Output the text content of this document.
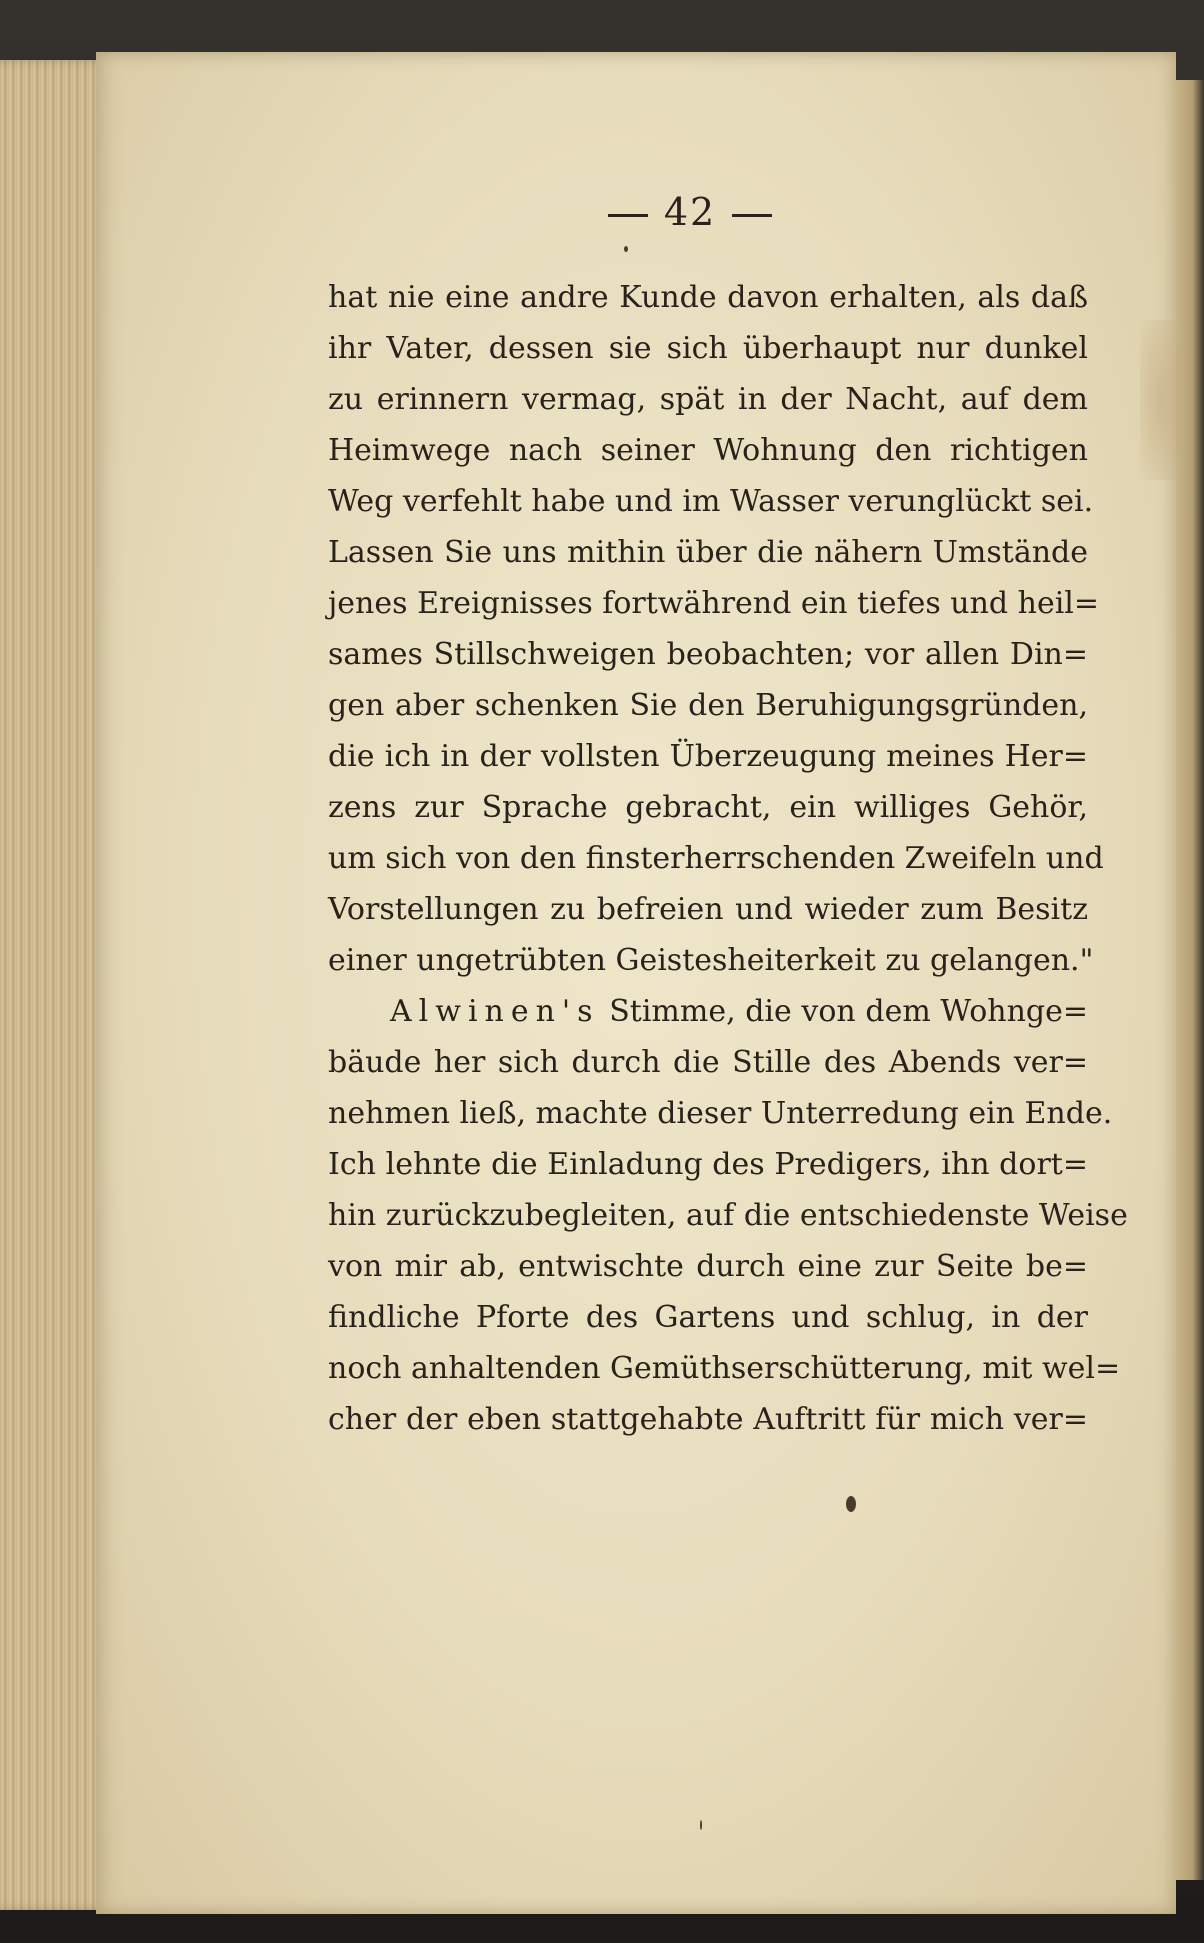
42
hat nie eine andre Kunde davon erhalten, als daß
ihr Vater, dessen sie sich überhaupt nur dunkel
zu erinnern vermag, spät in der Nacht, auf dem
Heimwege nach seiner Wohnung den richtigen
Weg verfehlt habe und im Wasser verunglückt sei.
Lassen Sie uns mithin über die nähern Umstände
jenes Ereignisses fortwährend ein tiefes und heil=
sames Stillschweigen beobachten; vor allen Din=
gen aber schenken Sie den Beruhigungsgründen,
die ich in der vollsten Überzeugung meines Her=
zens zur Sprache gebracht, ein williges Gehör,
um sich von den finsterherrschenden Zweifeln und
Vorstellungen zu befreien und wieder zum Besitz
einer ungetrübten Geistesheiterkeit zu gelangen."
Alwinen's Stimme, die von dem Wohnge=
bäude her sich durch die Stille des Abends ver=
nehmen ließ, machte dieser Unterredung ein Ende.
Ich lehnte die Einladung des Predigers, ihn dort=
hin zurückzubegleiten, auf die entschiedenste Weise
von mir ab, entwischte durch eine zur Seite be=
findliche Pforte des Gartens und schlug, in der
noch anhaltenden Gemüthserschütterung, mit wel=
cher der eben stattgehabte Auftritt für mich ver=
